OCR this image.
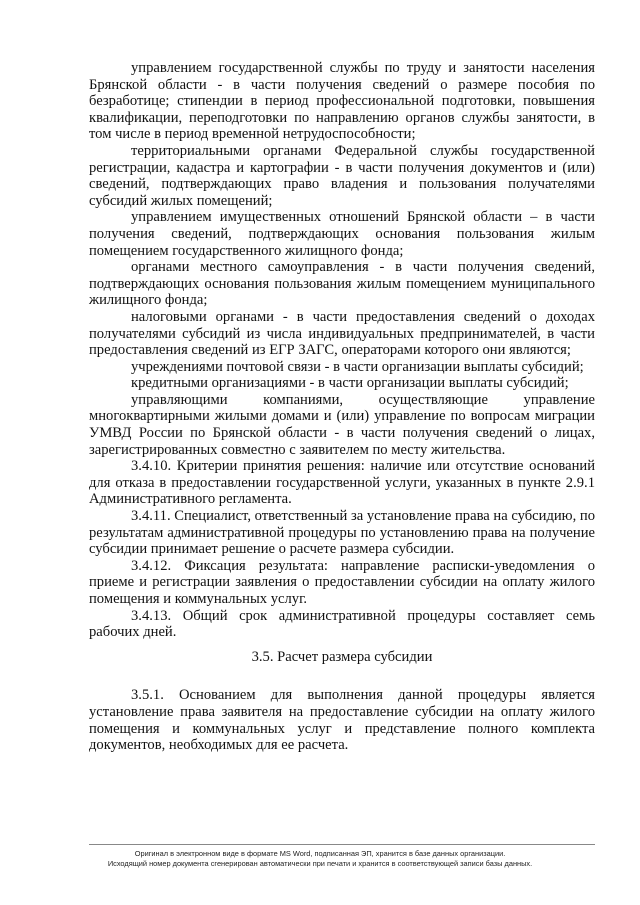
управлением государственной службы по труду и занятости населения Брянской области - в части получения сведений о размере пособия по безработице; стипендии в период профессиональной подготовки, повышения квалификации, переподготовки по направлению органов службы занятости, в том числе в период временной нетрудоспособности;

территориальными органами Федеральной службы государственной регистрации, кадастра и картографии - в части получения документов и (или) сведений, подтверждающих право владения и пользования получателями субсидий жилых помещений;

управлением имущественных отношений Брянской области – в части получения сведений, подтверждающих основания пользования жилым помещением государственного жилищного фонда;

органами местного самоуправления - в части получения сведений, подтверждающих основания пользования жилым помещением муниципального жилищного фонда;

налоговыми органами - в части предоставления сведений о доходах получателями субсидий из числа индивидуальных предпринимателей, в части предоставления сведений из ЕГР ЗАГС, операторами которого они являются;

учреждениями почтовой связи - в части организации выплаты субсидий;

кредитными организациями - в части организации выплаты субсидий;

управляющими компаниями, осуществляющие управление многоквартирными жилыми домами и (или) управление по вопросам миграции УМВД России по Брянской области - в части получения сведений о лицах, зарегистрированных совместно с заявителем по месту жительства.

3.4.10. Критерии принятия решения: наличие или отсутствие оснований для отказа в предоставлении государственной услуги, указанных в пункте 2.9.1 Административного регламента.

3.4.11. Специалист, ответственный за установление права на субсидию, по результатам административной процедуры по установлению права на получение субсидии принимает решение о расчете размера субсидии.

3.4.12. Фиксация результата: направление расписки-уведомления о приеме и регистрации заявления о предоставлении субсидии на оплату жилого помещения и коммунальных услуг.

3.4.13. Общий срок административной процедуры составляет семь рабочих дней.

3.5. Расчет размера субсидии

3.5.1. Основанием для выполнения данной процедуры является установление права заявителя на предоставление субсидии на оплату жилого помещения и коммунальных услуг и представление полного комплекта документов, необходимых для ее расчета.

Оригинал в электронном виде в формате MS Word, подписанная ЭП, хранится в базе данных организации.
Исходящий номер документа сгенерирован автоматически при печати и хранится в соответствующей записи базы данных.
